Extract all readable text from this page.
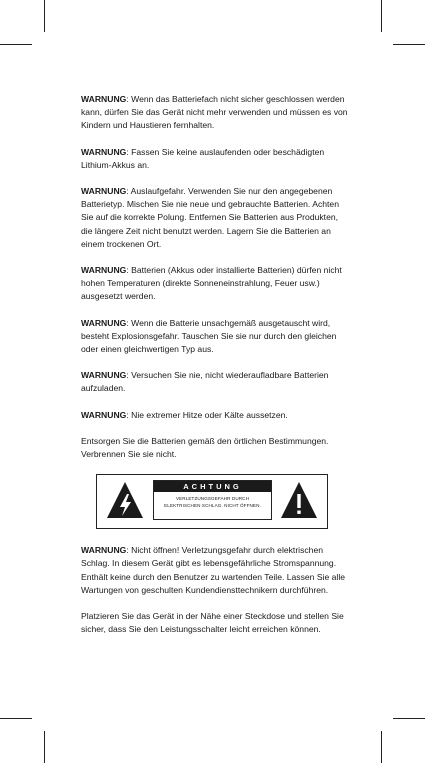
WARNUNG: Wenn das Batteriefach nicht sicher geschlossen werden kann, dürfen Sie das Gerät nicht mehr verwenden und müssen es von Kindern und Haustieren fernhalten.
WARNUNG: Fassen Sie keine auslaufenden oder beschädigten Lithium-Akkus an.
WARNUNG: Auslaufgefahr. Verwenden Sie nur den angegebenen Batterietyp. Mischen Sie nie neue und gebrauchte Batterien. Achten Sie auf die korrekte Polung. Entfernen Sie Batterien aus Produkten, die längere Zeit nicht benutzt werden. Lagern Sie die Batterien an einem trockenen Ort.
WARNUNG: Batterien (Akkus oder installierte Batterien) dürfen nicht hohen Temperaturen (direkte Sonneneinstrahlung, Feuer usw.) ausgesetzt werden.
WARNUNG: Wenn die Batterie unsachgemäß ausgetauscht wird, besteht Explosionsgefahr. Tauschen Sie sie nur durch den gleichen oder einen gleichwertigen Typ aus.
WARNUNG: Versuchen Sie nie, nicht wiederaufladbare Batterien aufzuladen.
WARNUNG: Nie extremer Hitze oder Kälte aussetzen.
Entsorgen Sie die Batterien gemäß den örtlichen Bestimmungen. Verbrennen Sie sie nicht.
ACHTUNG
VERLETZUNGSGEFAHR DURCH
ELEKTRISCHEN SCHLAG. NICHT ÖFFNEN.
WARNUNG: Nicht öffnen! Verletzungsgefahr durch elektrischen Schlag. In diesem Gerät gibt es lebensgefährliche Stromspannung. Enthält keine durch den Benutzer zu wartenden Teile. Lassen Sie alle Wartungen von geschulten Kundendiensttechnikern durchführen.
Platzieren Sie das Gerät in der Nähe einer Steckdose und stellen Sie sicher, dass Sie den Leistungsschalter leicht erreichen können.
